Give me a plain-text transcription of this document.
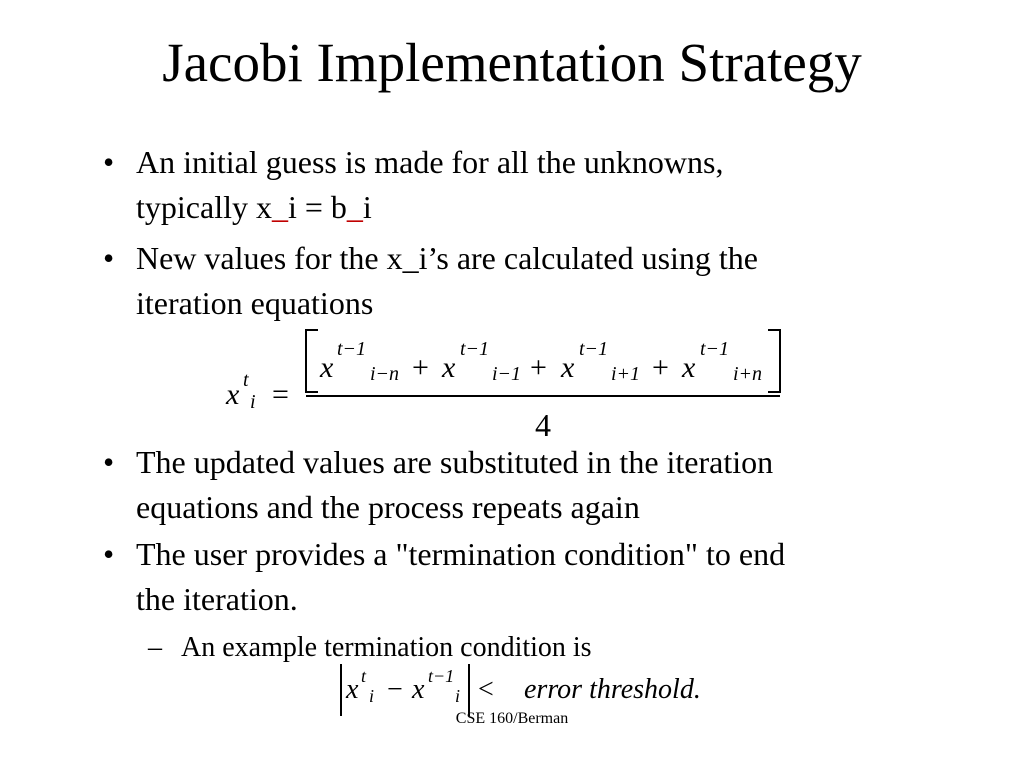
Jacobi Implementation Strategy
• An initial guess is made for all the unknowns,
typically x_i = b_i
• New values for the x_i’s are calculated using the
iteration equations
x t
i =
x
t−1
i−n + x
t−1
i−1 + x
t−1
i+1 + x
t−1
i+n
4
• The updated values are substituted in the iteration
equations and the process repeats again
• The user provides a "termination condition" to end
the iteration.
– An example termination condition is
x t
i − x t−1
i < error threshold.
CSE 160/Berman
